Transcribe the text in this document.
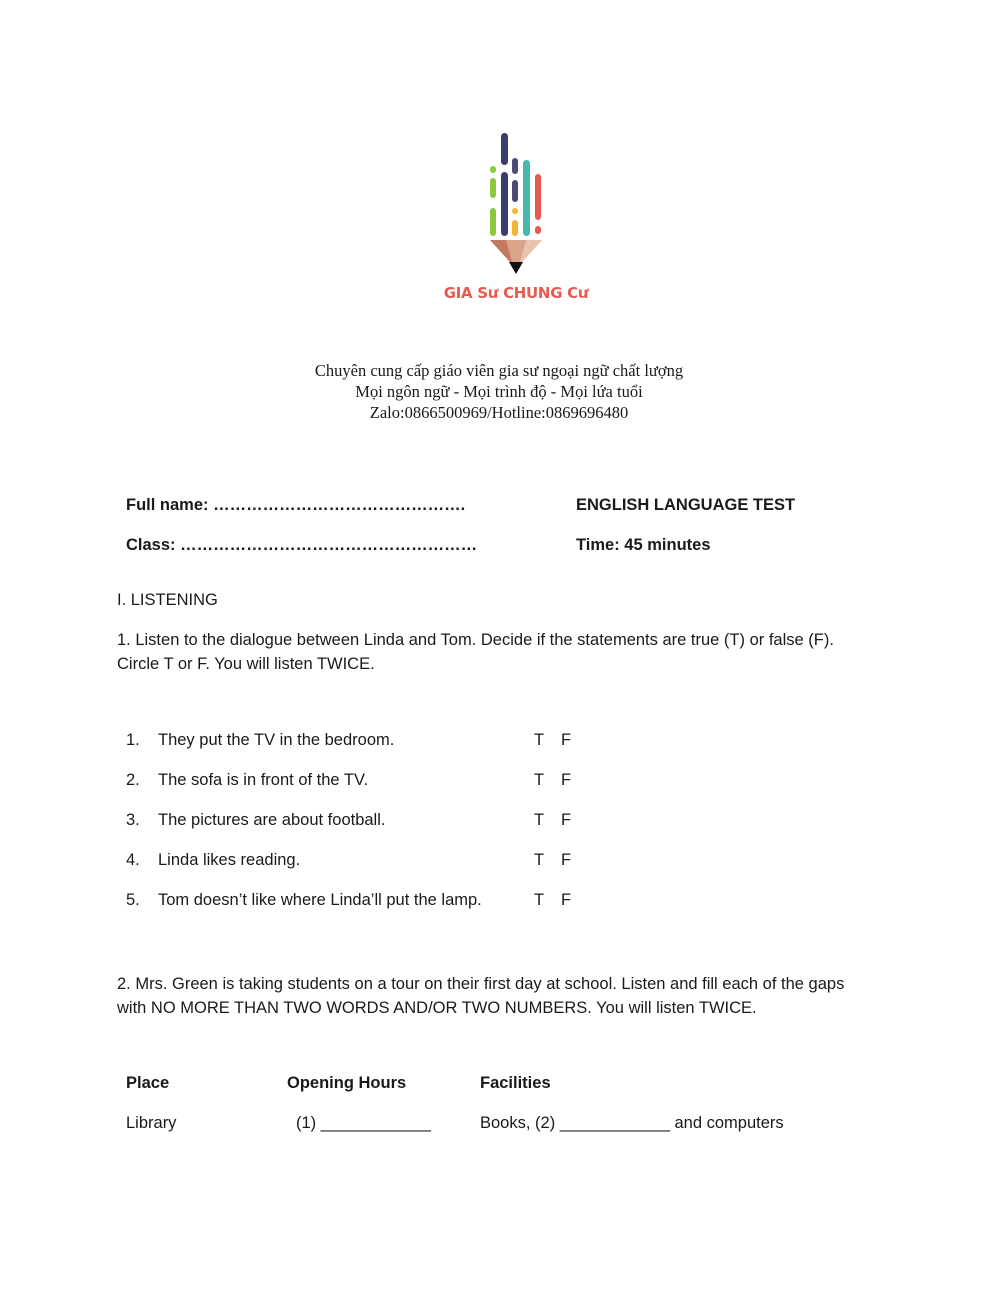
GIA Sư CHUNG Cư
Chuyên cung cấp giáo viên gia sư ngoại ngữ chất lượng
Mọi ngôn ngữ - Mọi trình độ - Mọi lứa tuổi
Zalo:0866500969/Hotline:0869696480
Full name: ……………………………………….
Class: ………………………………………………
ENGLISH LANGUAGE TEST
Time: 45 minutes
I. LISTENING
1. Listen to the dialogue between Linda and Tom. Decide if the statements are true (T) or false (F). Circle T or F. You will listen TWICE.
1. They put the TV in the bedroom.	T F
2. The sofa is in front of the TV.	T F
3. The pictures are about football.	T F
4. Linda likes reading.	T F
5. Tom doesn’t like where Linda’ll put the lamp.	T F
2. Mrs. Green is taking students on a tour on their first day at school. Listen and fill each of the gaps with NO MORE THAN TWO WORDS AND/OR TWO NUMBERS. You will listen TWICE.
Place	Opening Hours	Facilities
Library	(1) ____________	Books, (2) ____________ and computers
